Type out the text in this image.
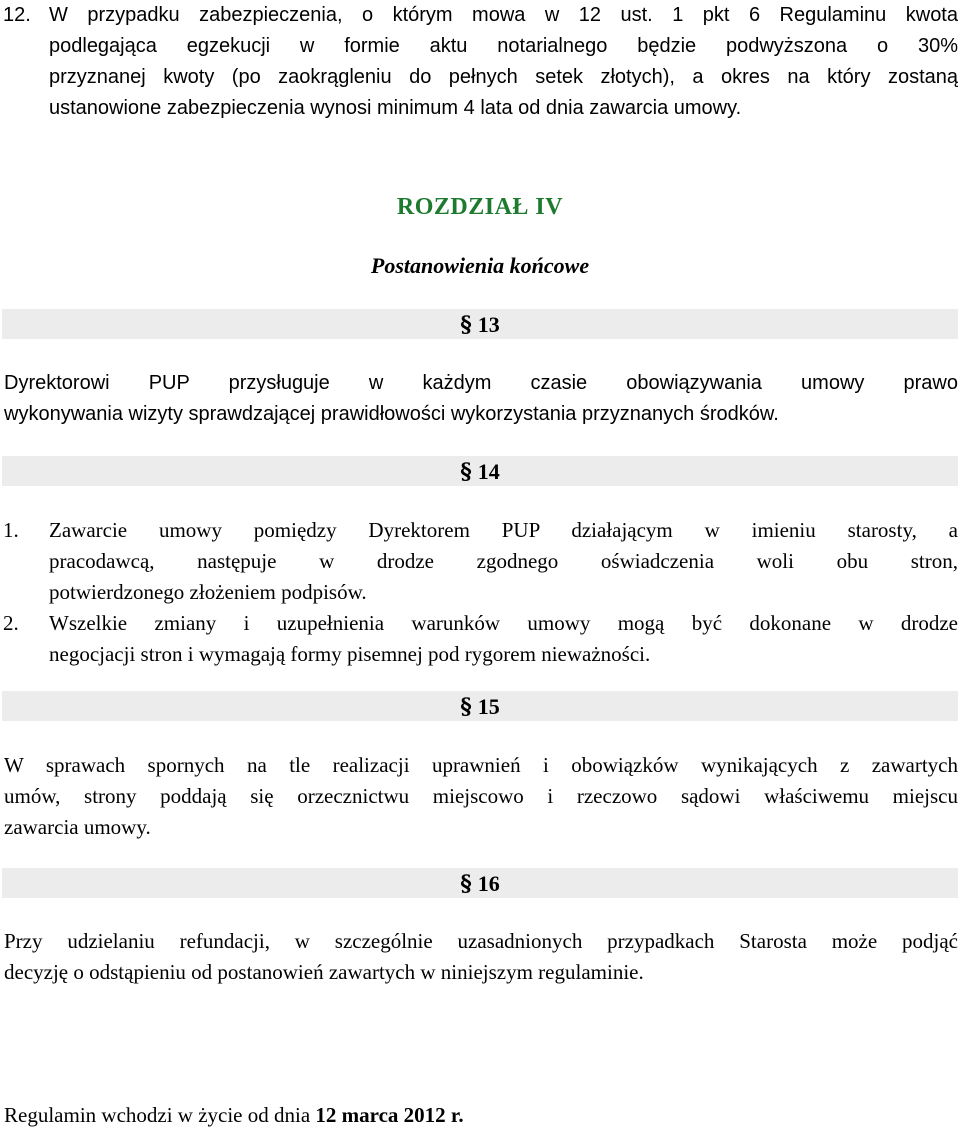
12. W przypadku zabezpieczenia, o którym mowa w 12 ust. 1 pkt 6 Regulaminu kwota
podlegająca egzekucji w formie aktu notarialnego będzie podwyższona o 30%
przyznanej kwoty (po zaokrągleniu do pełnych setek złotych), a okres na który zostaną
ustanowione zabezpieczenia wynosi minimum 4 lata od dnia zawarcia umowy.
ROZDZIAŁ IV
Postanowienia końcowe
§ 13
Dyrektorowi PUP przysługuje w każdym czasie obowiązywania umowy prawo
wykonywania wizyty sprawdzającej prawidłowości wykorzystania przyznanych środków.
§ 14
1. Zawarcie umowy pomiędzy Dyrektorem PUP działającym w imieniu starosty, a
pracodawcą, następuje w drodze zgodnego oświadczenia woli obu stron,
potwierdzonego złożeniem podpisów.
2. Wszelkie zmiany i uzupełnienia warunków umowy mogą być dokonane w drodze
negocjacji stron i wymagają formy pisemnej pod rygorem nieważności.
§ 15
W sprawach spornych na tle realizacji uprawnień i obowiązków wynikających z zawartych
umów, strony poddają się orzecznictwu miejscowo i rzeczowo sądowi właściwemu miejscu
zawarcia umowy.
§ 16
Przy udzielaniu refundacji, w szczególnie uzasadnionych przypadkach Starosta może podjąć
decyzję o odstąpieniu od postanowień zawartych w niniejszym regulaminie.
Regulamin wchodzi w życie od dnia 12 marca 2012 r.
